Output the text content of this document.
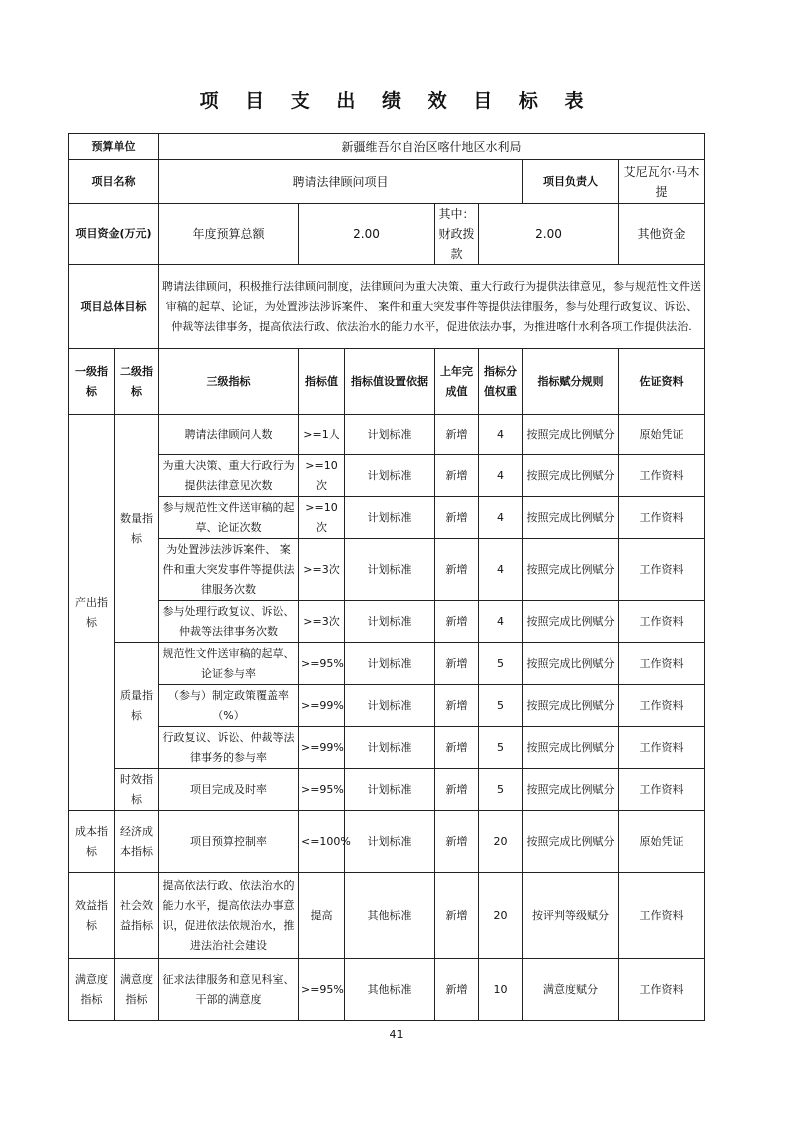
项 目 支 出 绩 效 目 标 表
预算单位		新疆维吾尔自治区喀什地区水利局							
项目名称		聘请法律顾问项目					项目负责人	艾尼瓦尔·马木提	
项目资金(万元)		年度预算总额	2.00		其中：财政拨款	2.00		其他资金	
项目总体目标		聘请法律顾问，积极推行法律顾问制度，法律顾问为重大决策、重大行政行为提供法律意见，参与规范性文件送审稿的起草、论证，为处置涉法涉诉案件、 案件和重大突发事件等提供法律服务，参与处理行政复议、诉讼、仲裁等法律事务，提高依法行政、依法治水的能力水平，促进依法办事，为推进喀什水利各项工作提供法治.							
一级指标	二级指标	三级指标	指标值	指标值设置依据	上年完成值	指标分值权重	指标赋分规则	佐证资料	
产出指标	数量指标	聘请法律顾问人数	>=1人	计划标准	新增	4	按照完成比例赋分	原始凭证	
		为重大决策、重大行政行为提供法律意见次数	>=10次	计划标准	新增	4	按照完成比例赋分	工作资料	
		参与规范性文件送审稿的起草、论证次数	>=10次	计划标准	新增	4	按照完成比例赋分	工作资料	
		为处置涉法涉诉案件、 案件和重大突发事件等提供法律服务次数	>=3次	计划标准	新增	4	按照完成比例赋分	工作资料	
		参与处理行政复议、诉讼、仲裁等法律事务次数	>=3次	计划标准	新增	4	按照完成比例赋分	工作资料	
	质量指标	规范性文件送审稿的起草、论证参与率	>=95%	计划标准	新增	5	按照完成比例赋分	工作资料	
		（参与）制定政策覆盖率（%）	>=99%	计划标准	新增	5	按照完成比例赋分	工作资料	
		行政复议、诉讼、仲裁等法律事务的参与率	>=99%	计划标准	新增	5	按照完成比例赋分	工作资料	
	时效指标	项目完成及时率	>=95%	计划标准	新增	5	按照完成比例赋分	工作资料	
成本指标	经济成本指标	项目预算控制率	<=100%	计划标准	新增	20	按照完成比例赋分	原始凭证	
效益指标	社会效益指标	提高依法行政、依法治水的能力水平，提高依法办事意识，促进依法依规治水，推进法治社会建设	提高	其他标准	新增	20	按评判等级赋分	工作资料	
满意度指标	满意度指标	征求法律服务和意见科室、干部的满意度	>=95%	其他标准	新增	10	满意度赋分	工作资料	
41
